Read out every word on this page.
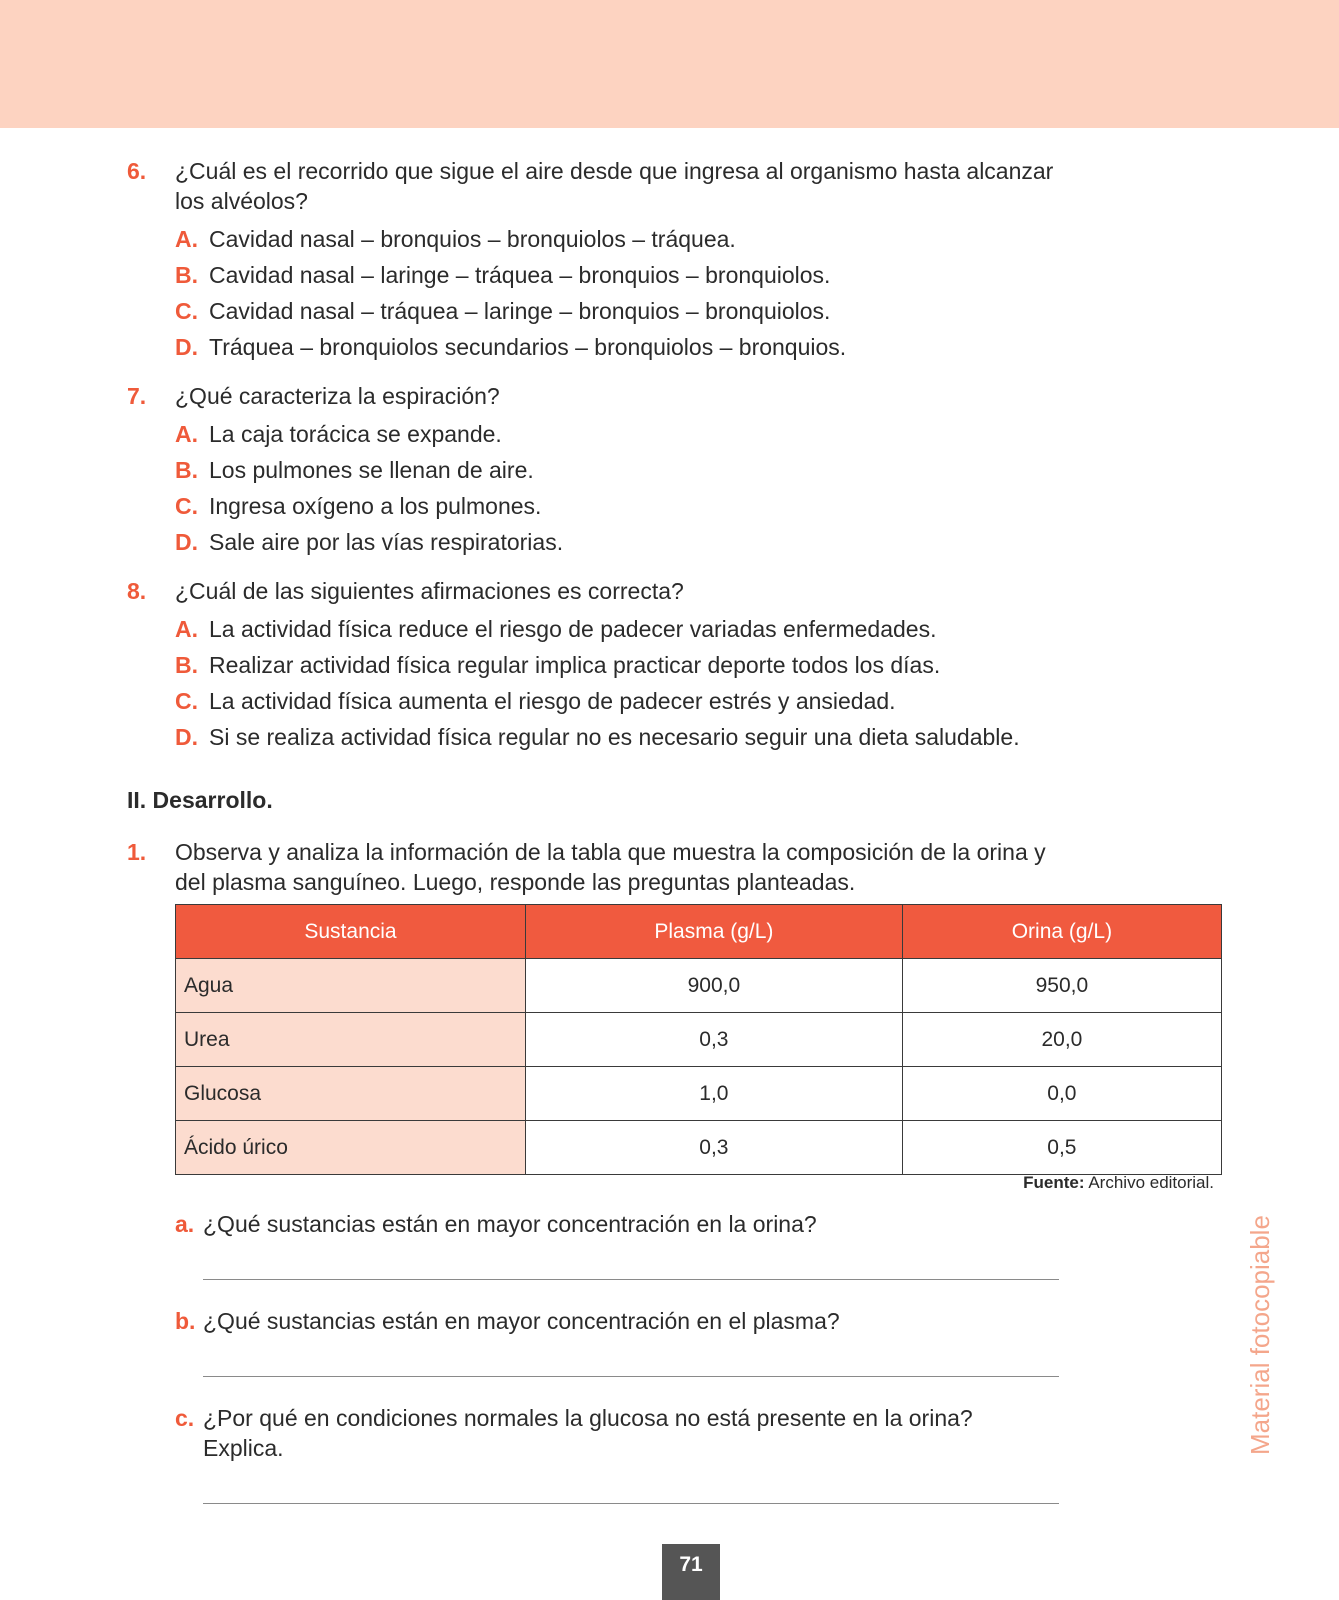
6. ¿Cuál es el recorrido que sigue el aire desde que ingresa al organismo hasta alcanzar
los alvéolos?
A. Cavidad nasal – bronquios – bronquiolos – tráquea.
B. Cavidad nasal – laringe – tráquea – bronquios – bronquiolos.
C. Cavidad nasal – tráquea – laringe – bronquios – bronquiolos.
D. Tráquea – bronquiolos secundarios – bronquiolos – bronquios.
7. ¿Qué caracteriza la espiración?
A. La caja torácica se expande.
B. Los pulmones se llenan de aire.
C. Ingresa oxígeno a los pulmones.
D. Sale aire por las vías respiratorias.
8. ¿Cuál de las siguientes afirmaciones es correcta?
A. La actividad física reduce el riesgo de padecer variadas enfermedades.
B. Realizar actividad física regular implica practicar deporte todos los días.
C. La actividad física aumenta el riesgo de padecer estrés y ansiedad.
D. Si se realiza actividad física regular no es necesario seguir una dieta saludable.
II. Desarrollo.
1. Observa y analiza la información de la tabla que muestra la composición de la orina y
del plasma sanguíneo. Luego, responde las preguntas planteadas.
Sustancia	Plasma (g/L)	Orina (g/L)
Agua	900,0	950,0
Urea	0,3	20,0
Glucosa	1,0	0,0
Ácido úrico	0,3	0,5
Fuente: Archivo editorial.
a. ¿Qué sustancias están en mayor concentración en la orina?
b. ¿Qué sustancias están en mayor concentración en el plasma?
c. ¿Por qué en condiciones normales la glucosa no está presente en la orina?
Explica.	Material fotocopiable
71
